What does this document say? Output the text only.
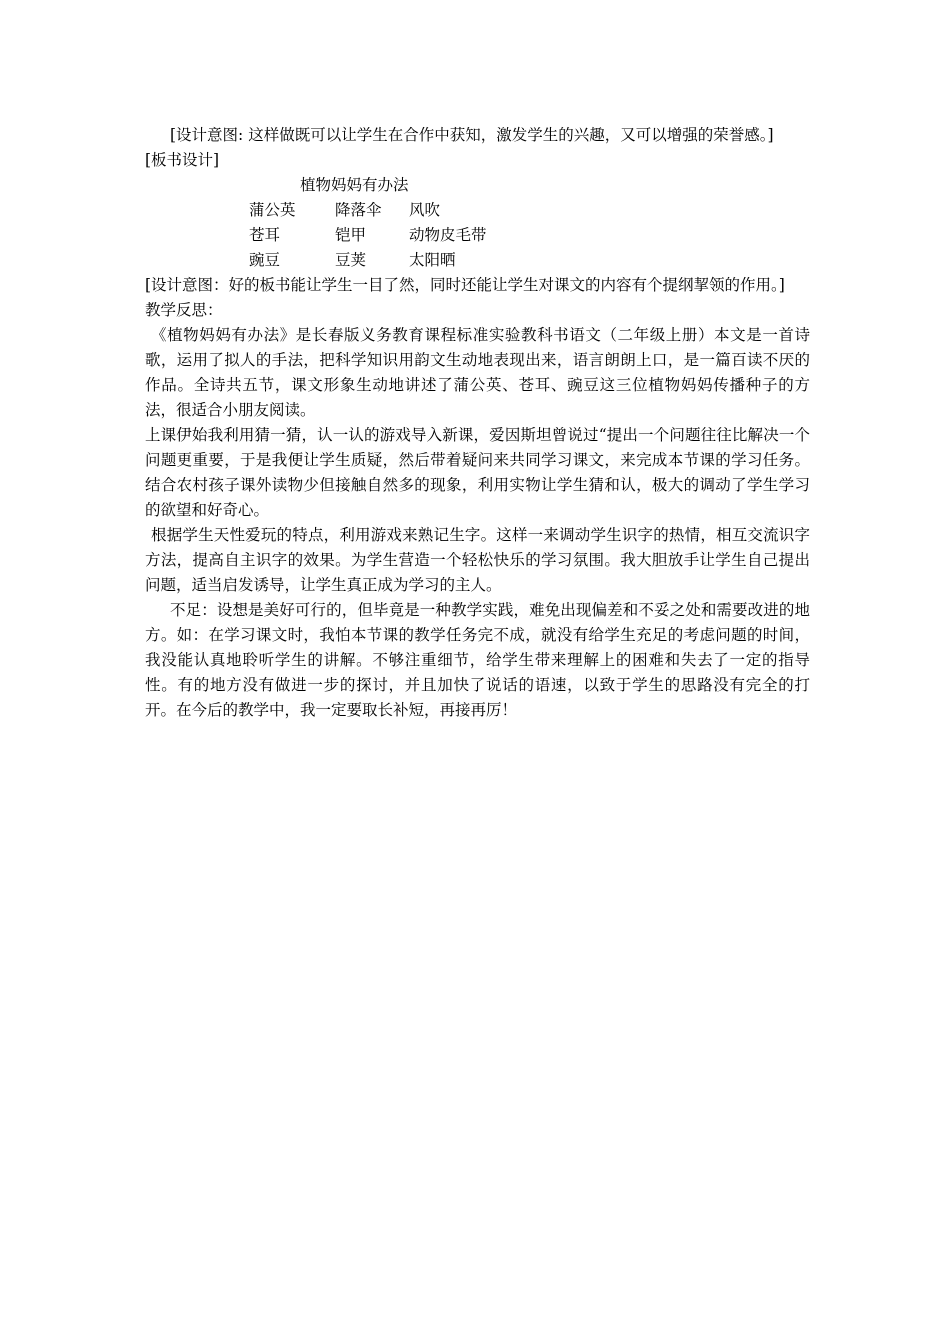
[设计意图: 这样做既可以让学生在合作中获知，激发学生的兴趣，又可以增强的荣誉感。]

[板书设计]

植物妈妈有办法
蒲公英	降落伞 风吹
苍耳	铠甲	动物皮毛带
豌豆	豆荚	太阳晒

[设计意图：好的板书能让学生一目了然，同时还能让学生对课文的内容有个提纲挈领的作用。]

教学反思：

《植物妈妈有办法》是长春版义务教育课程标准实验教科书语文（二年级上册）本文是一首诗歌，运用了拟人的手法，把科学知识用韵文生动地表现出来，语言朗朗上口，是一篇百读不厌的作品。全诗共五节，课文形象生动地讲述了蒲公英、苍耳、豌豆这三位植物妈妈传播种子的方法，很适合小朋友阅读。

上课伊始我利用猜一猜，认一认的游戏导入新课，爱因斯坦曾说过“提出一个问题往往比解决一个问题更重要，于是我便让学生质疑，然后带着疑问来共同学习课文，来完成本节课的学习任务。结合农村孩子课外读物少但接触自然多的现象，利用实物让学生猜和认，极大的调动了学生学习的欲望和好奇心。

根据学生天性爱玩的特点，利用游戏来熟记生字。这样一来调动学生识字的热情，相互交流识字方法，提高自主识字的效果。为学生营造一个轻松快乐的学习氛围。我大胆放手让学生自己提出问题，适当启发诱导，让学生真正成为学习的主人。

不足：设想是美好可行的，但毕竟是一种教学实践，难免出现偏差和不妥之处和需要改进的地方。如：在学习课文时，我怕本节课的教学任务完不成，就没有给学生充足的考虑问题的时间，我没能认真地聆听学生的讲解。不够注重细节，给学生带来理解上的困难和失去了一定的指导性。有的地方没有做进一步的探讨，并且加快了说话的语速，以致于学生的思路没有完全的打开。在今后的教学中，我一定要取长补短，再接再厉！
